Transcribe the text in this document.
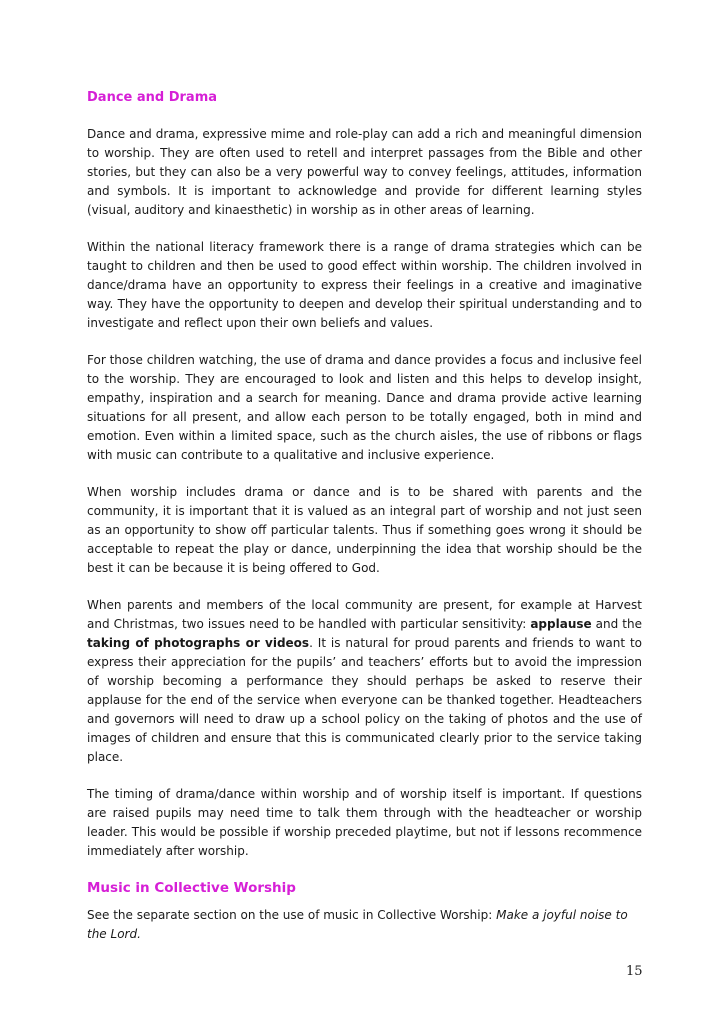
Dance and Drama

Dance and drama, expressive mime and role-play can add a rich and meaningful dimension to worship. They are often used to retell and interpret passages from the Bible and other stories, but they can also be a very powerful way to convey feelings, attitudes, information and symbols. It is important to acknowledge and provide for different learning styles (visual, auditory and kinaesthetic) in worship as in other areas of learning.

Within the national literacy framework there is a range of drama strategies which can be taught to children and then be used to good effect within worship. The children involved in dance/drama have an opportunity to express their feelings in a creative and imaginative way. They have the opportunity to deepen and develop their spiritual understanding and to investigate and reflect upon their own beliefs and values.

For those children watching, the use of drama and dance provides a focus and inclusive feel to the worship. They are encouraged to look and listen and this helps to develop insight, empathy, inspiration and a search for meaning. Dance and drama provide active learning situations for all present, and allow each person to be totally engaged, both in mind and emotion. Even within a limited space, such as the church aisles, the use of ribbons or flags with music can contribute to a qualitative and inclusive experience.

When worship includes drama or dance and is to be shared with parents and the community, it is important that it is valued as an integral part of worship and not just seen as an opportunity to show off particular talents. Thus if something goes wrong it should be acceptable to repeat the play or dance, underpinning the idea that worship should be the best it can be because it is being offered to God.

When parents and members of the local community are present, for example at Harvest and Christmas, two issues need to be handled with particular sensitivity: applause and the taking of photographs or videos. It is natural for proud parents and friends to want to express their appreciation for the pupils’ and teachers’ efforts but to avoid the impression of worship becoming a performance they should perhaps be asked to reserve their applause for the end of the service when everyone can be thanked together. Headteachers and governors will need to draw up a school policy on the taking of photos and the use of images of children and ensure that this is communicated clearly prior to the service taking place.

The timing of drama/dance within worship and of worship itself is important. If questions are raised pupils may need time to talk them through with the headteacher or worship leader. This would be possible if worship preceded playtime, but not if lessons recommence immediately after worship.

Music in Collective Worship

See the separate section on the use of music in Collective Worship: Make a joyful noise to the Lord.

15
